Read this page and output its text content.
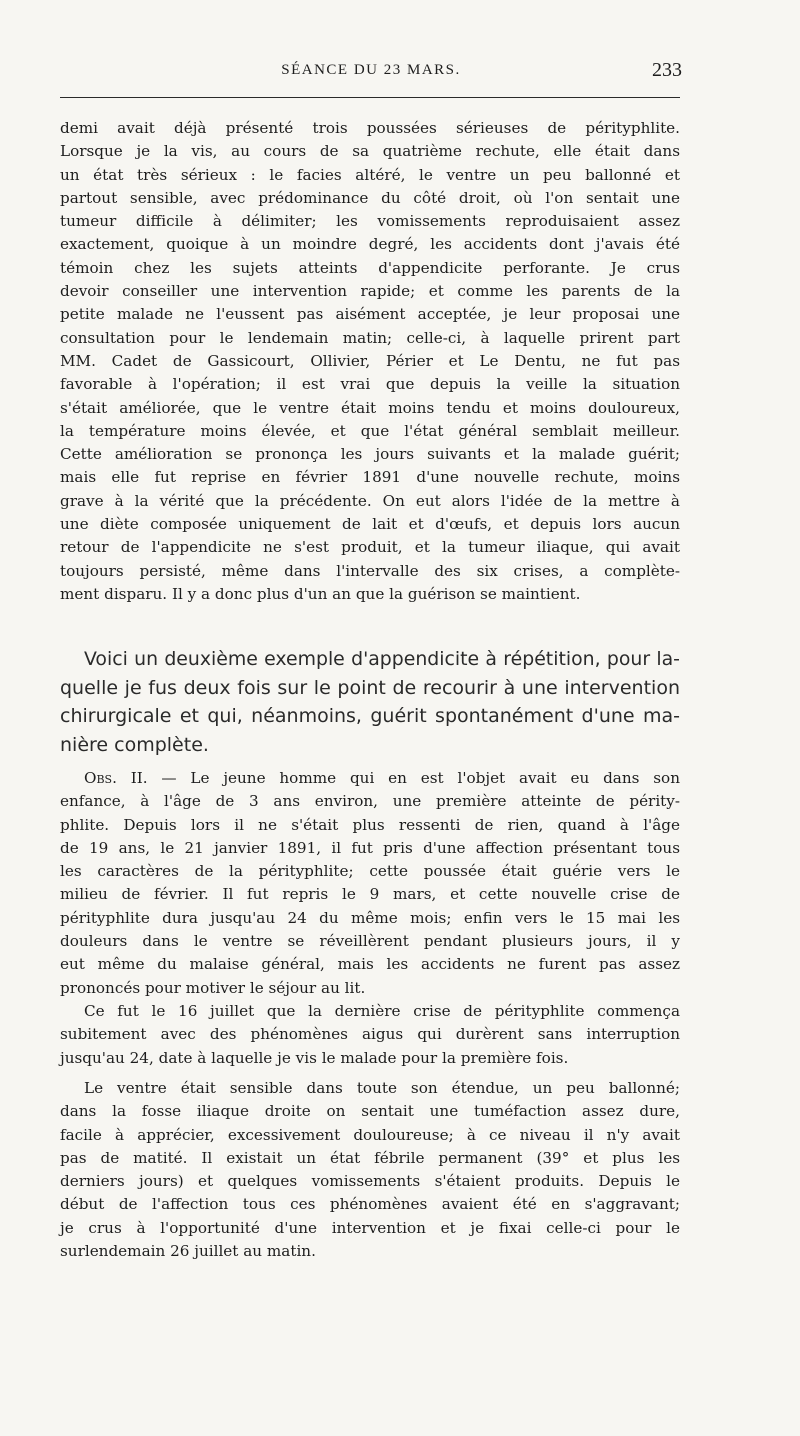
SÉANCE DU 23 MARS.	233
demi avait déjà présenté trois poussées sérieuses de pérityphlite.
Lorsque je la vis, au cours de sa quatrième rechute, elle était dans
un état très sérieux : le facies altéré, le ventre un peu ballonné et
partout sensible, avec prédominance du côté droit, où l'on sentait une
tumeur difficile à délimiter; les vomissements reproduisaient assez
exactement, quoique à un moindre degré, les accidents dont j'avais été
témoin chez les sujets atteints d'appendicite perforante. Je crus
devoir conseiller une intervention rapide; et comme les parents de la
petite malade ne l'eussent pas aisément acceptée, je leur proposai une
consultation pour le lendemain matin; celle-ci, à laquelle prirent part
MM. Cadet de Gassicourt, Ollivier, Périer et Le Dentu, ne fut pas
favorable à l'opération; il est vrai que depuis la veille la situation
s'était améliorée, que le ventre était moins tendu et moins douloureux,
la température moins élevée, et que l'état général semblait meilleur.
Cette amélioration se prononça les jours suivants et la malade guérit;
mais elle fut reprise en février 1891 d'une nouvelle rechute, moins
grave à la vérité que la précédente. On eut alors l'idée de la mettre à
une diète composée uniquement de lait et d'œufs, et depuis lors aucun
retour de l'appendicite ne s'est produit, et la tumeur iliaque, qui avait
toujours persisté, même dans l'intervalle des six crises, a complète-
ment disparu. Il y a donc plus d'un an que la guérison se maintient.
Voici un deuxième exemple d'appendicite à répétition, pour la-
quelle je fus deux fois sur le point de recourir à une intervention
chirurgicale et qui, néanmoins, guérit spontanément d'une ma-
nière complète.
Obs. II. — Le jeune homme qui en est l'objet avait eu dans son
enfance, à l'âge de 3 ans environ, une première atteinte de périty-
phlite. Depuis lors il ne s'était plus ressenti de rien, quand à l'âge
de 19 ans, le 21 janvier 1891, il fut pris d'une affection présentant tous
les caractères de la pérityphlite; cette poussée était guérie vers le
milieu de février. Il fut repris le 9 mars, et cette nouvelle crise de
pérityphlite dura jusqu'au 24 du même mois; enfin vers le 15 mai les
douleurs dans le ventre se réveillèrent pendant plusieurs jours, il y
eut même du malaise général, mais les accidents ne furent pas assez
prononcés pour motiver le séjour au lit.
Ce fut le 16 juillet que la dernière crise de pérityphlite commença
subitement avec des phénomènes aigus qui durèrent sans interruption
jusqu'au 24, date à laquelle je vis le malade pour la première fois.
Le ventre était sensible dans toute son étendue, un peu ballonné;
dans la fosse iliaque droite on sentait une tuméfaction assez dure,
facile à apprécier, excessivement douloureuse; à ce niveau il n'y avait
pas de matité. Il existait un état fébrile permanent (39° et plus les
derniers jours) et quelques vomissements s'étaient produits. Depuis le
début de l'affection tous ces phénomènes avaient été en s'aggravant;
je crus à l'opportunité d'une intervention et je fixai celle-ci pour le
surlendemain 26 juillet au matin.
